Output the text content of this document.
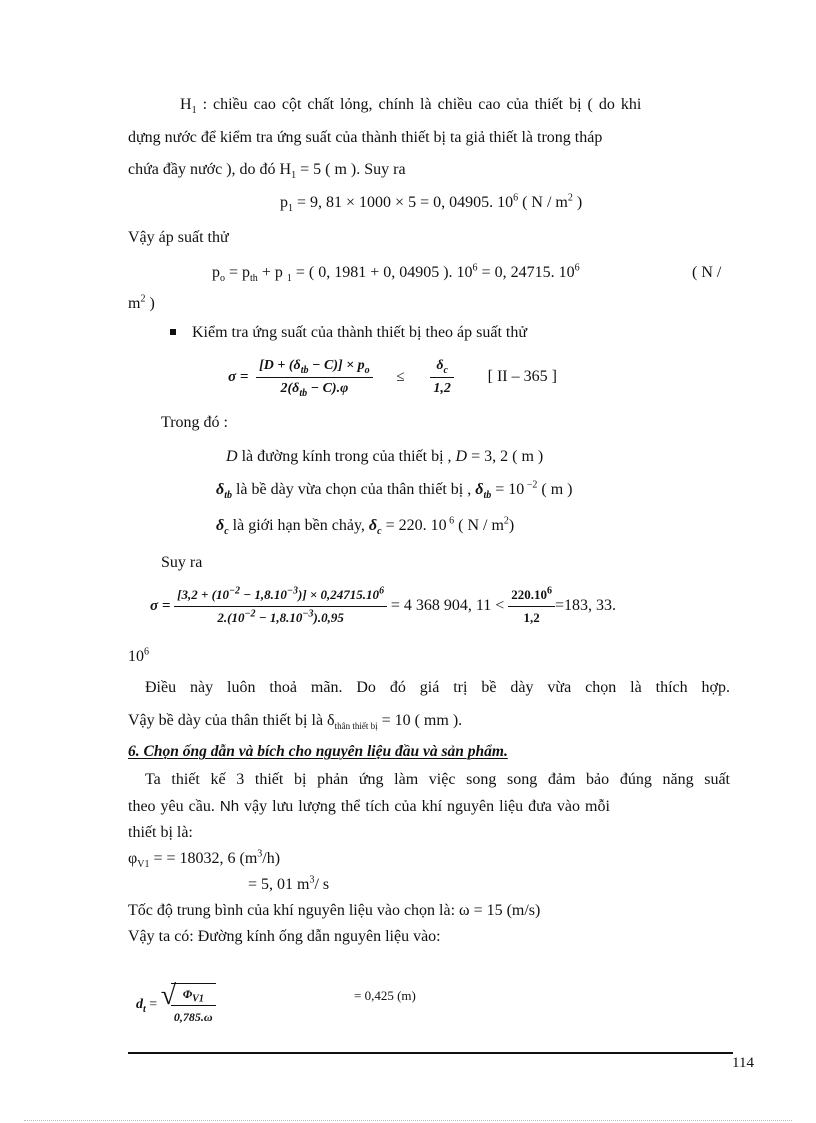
$H_1$ : chiều cao cột chất lỏng, chính là chiều cao của thiết bị ( do khi
dựng nước để kiểm tra ứng suất của thành thiết bị ta giả thiết là trong tháp
chứa đầy nước ), do đó $H_1 = 5$ ( m ). Suy ra
$p_1 = 9$, 81 × 1000 × 5 = 0, 04905. $10^6$ ( N / $m^2$ )
Vậy áp suất thử
$p_o = p_{th} + p$ $_1$ = ( 0, 1981 + 0, 04905 ). $10^6 = 0$, 24715. $10^6$	( N /
$m^2$ )
Kiểm tra ứng suất của thành thiết bị theo áp suất thử
$\sigma = \frac{[D + (\delta_{tb} - C)] \times p_o}{2(\delta_{tb} - C).\varphi} \le \frac{\delta_c}{1,2}$ [ II – 365 ]
Trong đó :
D là đường kính trong của thiết bị , D = 3, 2 ( m )
$\delta_{tb}$ là bề dày vừa chọn của thân thiết bị , $\delta_{tb} = 10$ $^{-2}$ ( m )
$\delta_c$ là giới hạn bền chảy, $\delta_c = 220$. 10 $^6$ ( N / $m^2$)
Suy ra
$\sigma = \frac{[3,2 + (10^{-2} - 1,8.10^{-3})] \times 0,24715.10^6}{2.(10^{-2} - 1,8.10^{-3}).0,95} = 4$ 368 904, $11 < \frac{220.10^6}{1,2} =183$, 33.
$10^6$
Điều này luôn thoả mãn. Do đó giá trị bề dày vừa chọn là thích hợp.
Vậy bề dày của thân thiết bị là $\delta_{thân thiết bị} = 10$ ( mm ).
6. Chọn ống dẫn và bích cho nguyên liệu đầu và sản phẩm.
Ta thiết kế 3 thiết bị phản ứng làm việc song song đảm bảo đúng năng suất
theo yêu cầu. Nh vậy lưu lượng thể tích của khí nguyên liệu đưa vào mỗi
thiết bị là:
$\varphi_{V1}$ = = 18032, 6 $(m^3/h)$
= 5, 01 $m^3/$ s
Tốc độ trung bình của khí nguyên liệu vào chọn là: ω = 15 (m/s)
Vậy ta có: Đường kính ống dẫn nguyên liệu vào:
$d_t$ = √
$\frac{\Phi_{V1}}{0,785.\omega}$	= 0,425 (m)
114
